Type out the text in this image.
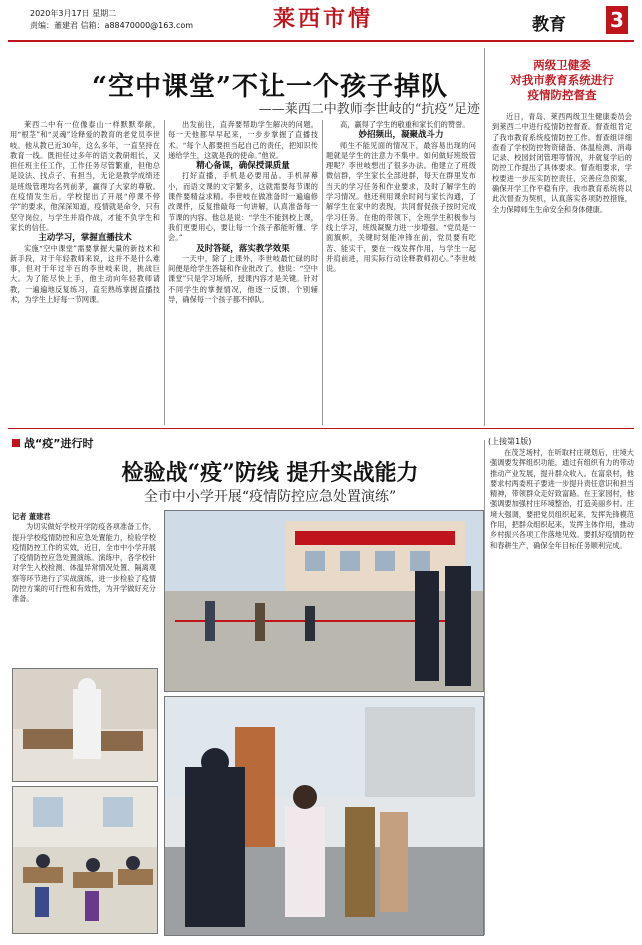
2020年3月17日 星期二
责编：董建君 信箱：a88470000@163.com	莱西市情	教育 3
“空中课堂”不让一个孩子掉队
——莱西二中教师李世岐的“抗疫”足迹

莱西二中有一位像泰山一样默默奉献，用“根茎”和“灵魂”诠释爱的教育的老党员李世岐。他从教已近30年，这么多年，一直坚持在教育一线。既担任过多年的语文教研组长，又担任班主任工作，工作任务尽管繁重，但他总是设法、找点子、有担当，无论是教学成绩还是班级管理均名列前茅，赢得了大家的尊敬。在疫情发生后，学校提出了开展“停课不停学”的要求，他深深知道，疫情就是命令，只有坚守岗位，与学生并肩作战，才能不负学生和家长的信任。

主动学习，掌握直播技术

实施“空中课堂”需要掌握大量的新技术和新手段，对于年轻教师来说，这并不是什么难事，但对于年过半百的李世岐来说，挑战巨大。为了能尽快上手，他主动向年轻教师请教，一遍遍地反复练习，直至熟练掌握直播技术，为学生上好每一节网课。

出发前往，直奔要帮助学生解决的问题。每一天他都早早起来，一步步掌握了直播技术。“每个人都要担当起自己的责任，把知识传递给学生，这就是我的使命。”他说。

精心备课，确保授课质量

打好直播，手机是必要用品。手机屏幕小，而语文课的文字繁多，这就需要每节课的课件要精益求精。李世岐在做准备时一遍遍修改课件，反复推敲每一句讲解，认真准备每一节课的内容。他总是说：“学生不能到校上课，我们更要用心，要让每一个孩子都能听懂、学会。”

及时答疑，落实教学效果

一天中，除了上课外，李世岐最忙碌的时间便是给学生答疑和作业批改了。他说：“空中课堂”只是学习场所，授课内容才是关键。针对不同学生的掌握情况，他逐一反馈、个别辅导，确保每一个孩子都不掉队。

高，赢得了学生的敬重和家长们的赞誉。

妙招频出，凝聚战斗力

师生不能见面的情况下，最容易出现的问题就是学生的注意力不集中。如何做好班级管理呢？李世岐想出了很多办法。他建立了班级微信群，学生家长全部进群，每天在群里发布当天的学习任务和作业要求，及时了解学生的学习情况。他还利用课余时间与家长沟通，了解学生在家中的表现，共同督促孩子按时完成学习任务。在他的带领下，全班学生积极参与线上学习，班级凝聚力进一步增强。“党员是一面旗帜，关键时刻能冲锋在前，党员要有吃苦、能实干，要在一线发挥作用，与学生一起并肩前进，用实际行动诠释教师初心。”李世岐说。

两级卫健委
对我市教育系统进行
疫情防控督查

近日，青岛、莱西两级卫生健康委员会到莱西二中进行疫情防控督查。督查组肯定了我市教育系统疫情防控工作。督查组详细查看了学校防控物资储备、体温检测、消毒记录、校园封闭管理等情况，并就复学后的防控工作提出了具体要求。督查组要求，学校要进一步压实防控责任，完善应急预案，确保开学工作平稳有序。我市教育系统将以此次督查为契机，认真落实各项防控措施，全力保障师生生命安全和身体健康。

战“疫”进行时	(上接第1版)
检验战“疫”防线 提升实战能力
全市中小学开展“疫情防控应急处置演练”

记者 董建君

为切实做好学校开学防疫各项准备工作，提升学校疫情防控和应急处置能力，检验学校疫情防控工作的实效，近日，全市中小学开展了疫情防控应急处置演练。演练中，各学校针对学生入校检测、体温异常情况处置、隔离观察等环节进行了实战演练，进一步检验了疫情防控方案的可行性和有效性，为开学做好充分准备。

在茂芝场村，在听取村庄规划后，庄境大强调要发挥组织功能，通过有组织有力的带动推动产业发展，提升群众收入。在富泉村，他要求村两委班子要进一步提升责任意识和担当精神，带领群众走好致富路。在王家园村，他强调要加强村庄环境整治，打造美丽乡村。庄境大强调，要把党员组织起来，发挥先锋模范作用，把群众组织起来，发挥主体作用，推动乡村振兴各项工作落地见效。要抓好疫情防控和春耕生产，确保全年目标任务顺利完成。
